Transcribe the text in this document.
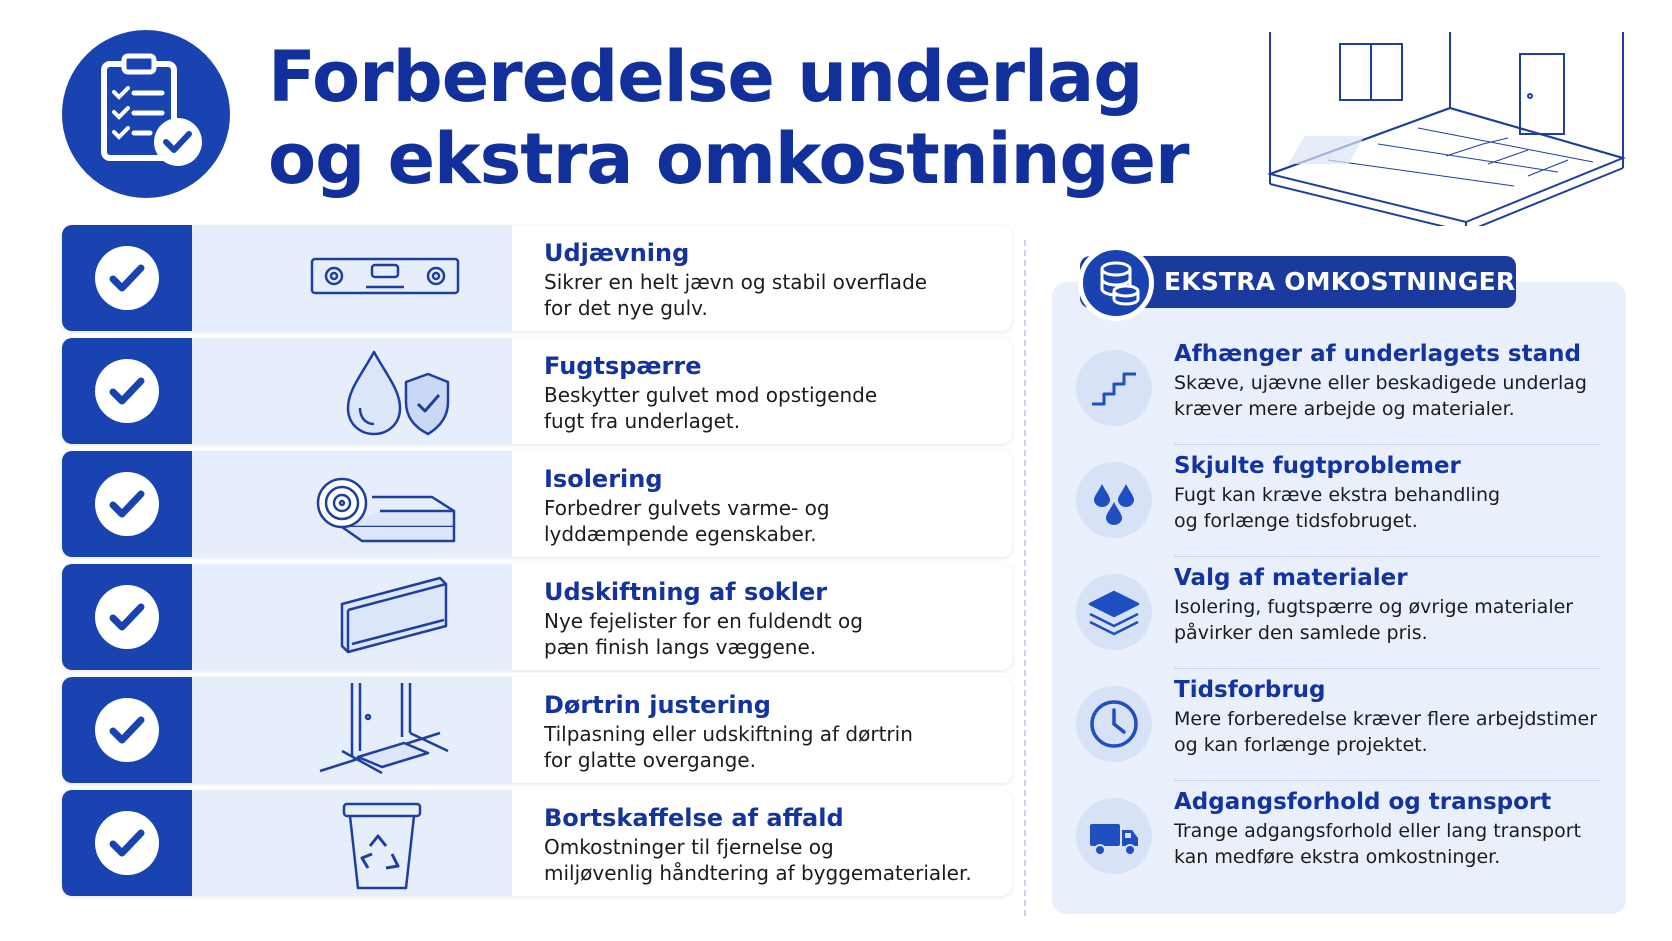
Forberedelse underlag
og ekstra omkostninger
Udjævning
Sikrer en helt jævn og stabil overflade
for det nye gulv.
Fugtspærre
Beskytter gulvet mod opstigende
fugt fra underlaget.
Isolering
Forbedrer gulvets varme- og
lyddæmpende egenskaber.
Udskiftning af sokler
Nye fejelister for en fuldendt og
pæn finish langs væggene.
Dørtrin justering
Tilpasning eller udskiftning af dørtrin
for glatte overgange.
Bortskaffelse af affald
Omkostninger til fjernelse og
miljøvenlig håndtering af byggematerialer.
EKSTRA OMKOSTNINGER
Afhænger af underlagets stand
Skæve, ujævne eller beskadigede underlag
kræver mere arbejde og materialer.
Skjulte fugtproblemer
Fugt kan kræve ekstra behandling
og forlænge tidsfobruget.
Valg af materialer
Isolering, fugtspærre og øvrige materialer
påvirker den samlede pris.
Tidsforbrug
Mere forberedelse kræver flere arbejdstimer
og kan forlænge projektet.
Adgangsforhold og transport
Trange adgangsforhold eller lang transport
kan medføre ekstra omkostninger.
